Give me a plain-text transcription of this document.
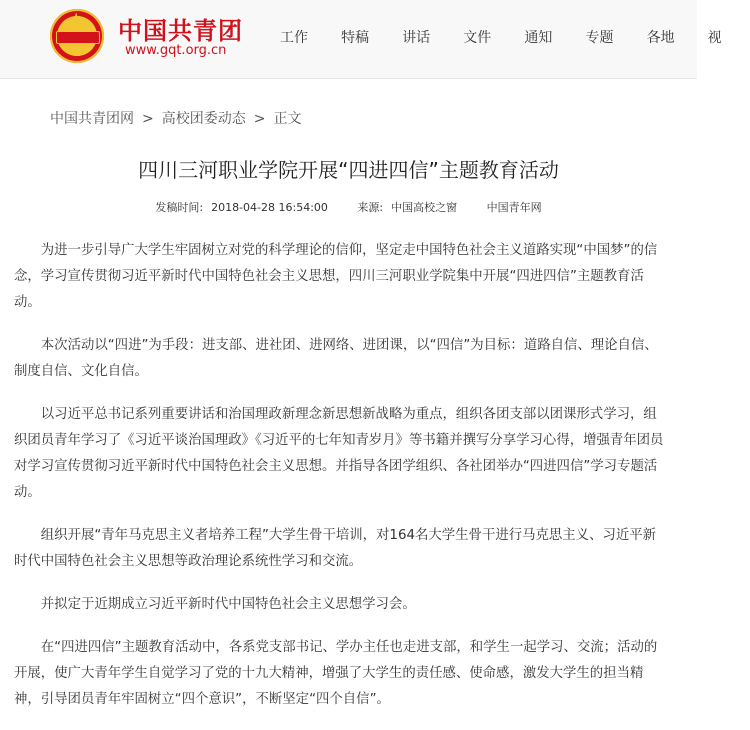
★ 中国共青团
www.gqt.org.cn
工作 特稿 讲话 文件 通知 专题 各地 视
中国共青团网 > 高校团委动态 > 正文
四川三河职业学院开展“四进四信”主题教育活动
发稿时间: 2018-04-28 16:54:00	来源: 中国高校之窗	中国青年网

为进一步引导广大学生牢固树立对党的科学理论的信仰，坚定走中国特色社会主义道路实现“中国梦”的信念，学习宣传贯彻习近平新时代中国特色社会主义思想，四川三河职业学院集中开展“四进四信”主题教育活动。

本次活动以“四进”为手段：进支部、进社团、进网络、进团课，以“四信”为目标：道路自信、理论自信、制度自信、文化自信。

以习近平总书记系列重要讲话和治国理政新理念新思想新战略为重点，组织各团支部以团课形式学习，组织团员青年学习了《习近平谈治国理政》《习近平的七年知青岁月》等书籍并撰写分享学习心得，增强青年团员对学习宣传贯彻习近平新时代中国特色社会主义思想。并指导各团学组织、各社团举办“四进四信”学习专题活动。

组织开展“青年马克思主义者培养工程”大学生骨干培训，对164名大学生骨干进行马克思主义、习近平新时代中国特色社会主义思想等政治理论系统性学习和交流。

并拟定于近期成立习近平新时代中国特色社会主义思想学习会。

在“四进四信”主题教育活动中，各系党支部书记、学办主任也走进支部，和学生一起学习、交流；活动的开展，使广大青年学生自觉学习了党的十九大精神，增强了大学生的责任感、使命感，激发大学生的担当精神，引导团员青年牢固树立“四个意识”，不断坚定“四个自信”。
